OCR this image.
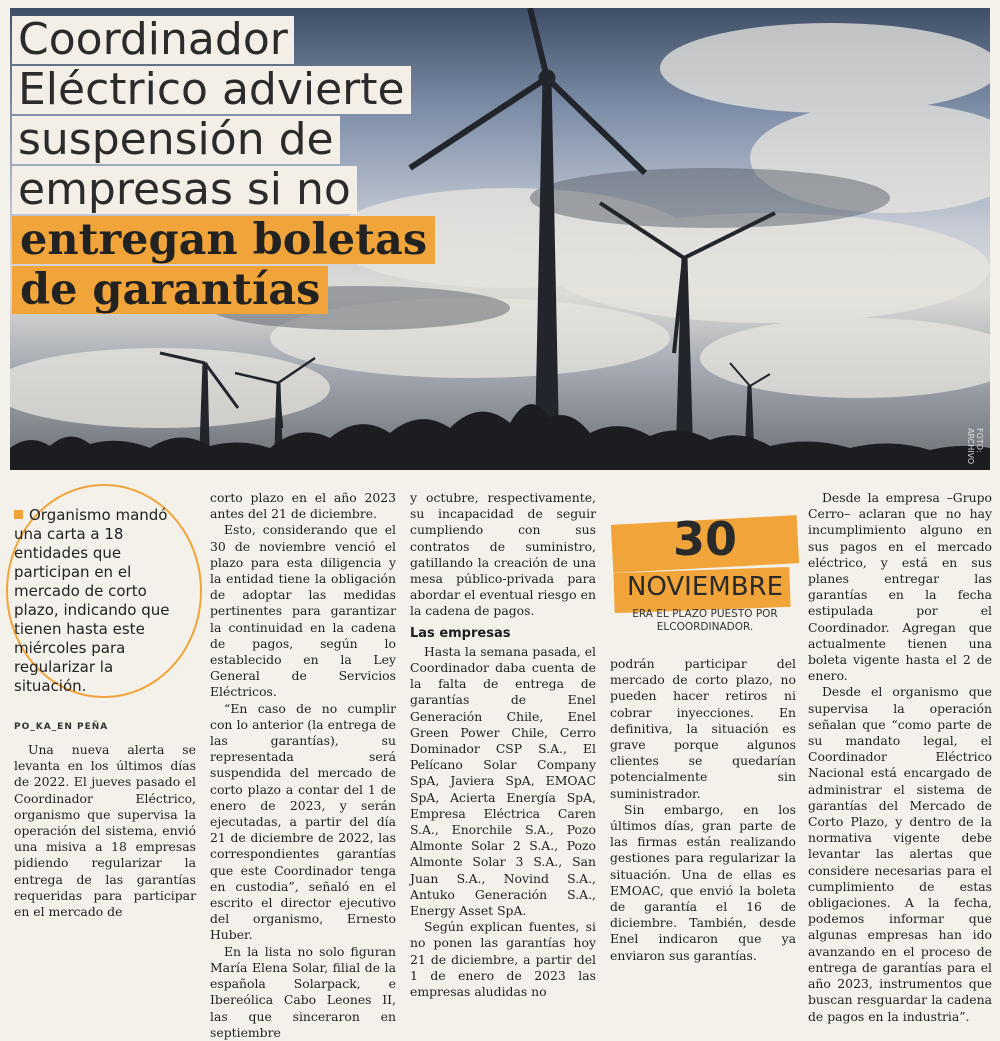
FOTO: ARCHIVO
Coordinador
Eléctrico advierte
suspensión de
empresas si no
entregan boletas
de garantías
Organismo mandó una carta a 18 entidades que participan en el mercado de corto plazo, indicando que tienen hasta este miércoles para regularizar la situación.
PO_KA_EN PEÑA

Una nueva alerta se levanta en los últimos días de 2022. El jueves pasado el Coordinador Eléctrico, organismo que supervisa la operación del sistema, envió una misiva a 18 empresas pidiendo regularizar la entrega de las garantías requeridas para participar en el mercado de

corto plazo en el año 2023 antes del 21 de diciembre.

Esto, considerando que el 30 de noviembre venció el plazo para esta diligencia y la entidad tiene la obligación de adoptar las medidas pertinentes para garantizar la continuidad en la cadena de pagos, según lo establecido en la Ley General de Servicios Eléctricos.

“En caso de no cumplir con lo anterior (la entrega de las garantías), su representada será suspendida del mercado de corto plazo a contar del 1 de enero de 2023, y serán ejecutadas, a partir del día 21 de diciembre de 2022, las correspondientes garantías que este Coordinador tenga en custodia”, señaló en el escrito el director ejecutivo del organismo, Ernesto Huber.

En la lista no solo figuran María Elena Solar, filial de la española Solarpack, e Ibereólica Cabo Leones II, las que sinceraron en septiembre

y octubre, respectivamente, su incapacidad de seguir cumpliendo con sus contratos de suministro, gatillando la creación de una mesa público-privada para abordar el eventual riesgo en la cadena de pagos.

Las empresas

Hasta la semana pasada, el Coordinador daba cuenta de la falta de entrega de garantías de Enel Generación Chile, Enel Green Power Chile, Cerro Dominador CSP S.A., El Pelícano Solar Company SpA, Javiera SpA, EMOAC SpA, Acierta Energía SpA, Empresa Eléctrica Caren S.A., Enorchile S.A., Pozo Almonte Solar 2 S.A., Pozo Almonte Solar 3 S.A., San Juan S.A., Novind S.A., Antuko Generación S.A., Energy Asset SpA.

Según explican fuentes, si no ponen las garantías hoy 21 de diciembre, a partir del 1 de enero de 2023 las empresas aludidas no

30
NOVIEMBRE
ERA EL PLAZO PUESTO POR ELCOORDINADOR.

podrán participar del mercado de corto plazo, no pueden hacer retiros ni cobrar inyecciones. En definitiva, la situación es grave porque algunos clientes se quedarían potencialmente sin suministrador.

Sin embargo, en los últimos días, gran parte de las firmas están realizando gestiones para regularizar la situación. Una de ellas es EMOAC, que envió la boleta de garantía el 16 de diciembre. También, desde Enel indicaron que ya enviaron sus garantías.

Desde la empresa –Grupo Cerro– aclaran que no hay incumplimiento alguno en sus pagos en el mercado eléctrico, y está en sus planes entregar las garantías en la fecha estipulada por el Coordinador. Agregan que actualmente tienen una boleta vigente hasta el 2 de enero.

Desde el organismo que supervisa la operación señalan que “como parte de su mandato legal, el Coordinador Eléctrico Nacional está encargado de administrar el sistema de garantías del Mercado de Corto Plazo, y dentro de la normativa vigente debe levantar las alertas que considere necesarias para el cumplimiento de estas obligaciones. A la fecha, podemos informar que algunas empresas han ido avanzando en el proceso de entrega de garantías para el año 2023, instrumentos que buscan resguardar la cadena de pagos en la industria”.
